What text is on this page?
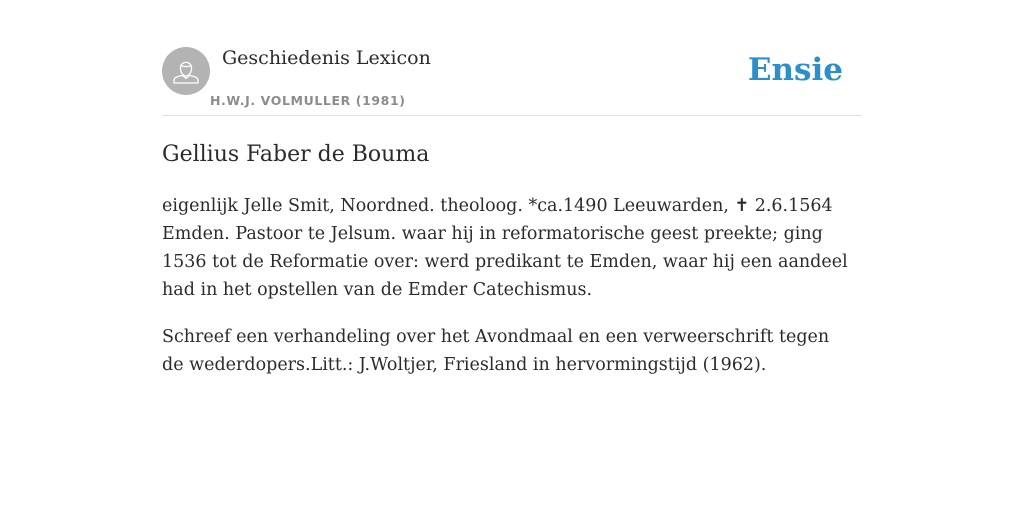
Geschiedenis Lexicon
H.W.J. VOLMULLER (1981)
Ensie
Gellius Faber de Bouma

eigenlijk Jelle Smit, Noordned. theoloog. *ca.1490 Leeuwarden, ✝ 2.6.1564 Emden. Pastoor te Jelsum. waar hij in reformatorische geest preekte; ging 1536 tot de Reformatie over: werd predikant te Emden, waar hij een aandeel had in het opstellen van de Emder Catechismus.

Schreef een verhandeling over het Avondmaal en een verweerschrift tegen de wederdopers.Litt.: J.Woltjer, Friesland in hervormingstijd (1962).
